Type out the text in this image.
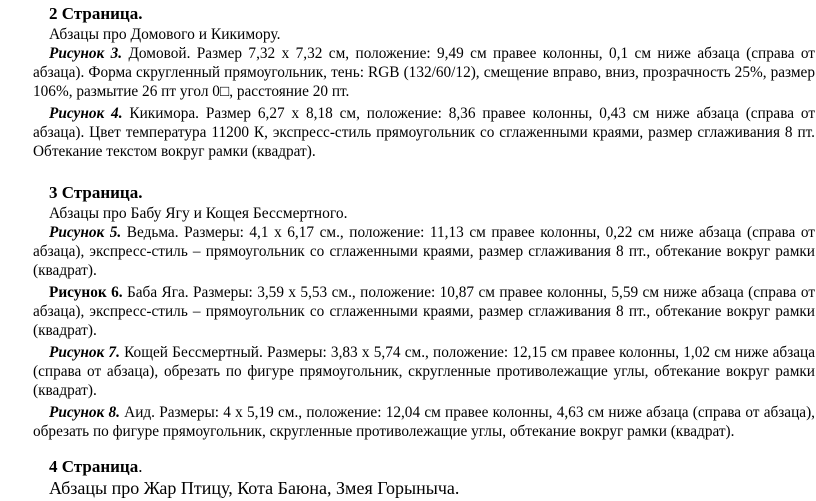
2 Страница.
Абзацы про Домового и Кикимору.
Рисунок 3. Домовой. Размер 7,32 х 7,32 см, положение: 9,49 см правее колонны, 0,1 см ниже абзаца (справа от абзаца). Форма скругленный прямоугольник, тень: RGB (132/60/12), смещение вправо, вниз, прозрачность 25%, размер 106%, размытие 26 пт угол 0□, расстояние 20 пт.
Рисунок 4. Кикимора. Размер 6,27 х 8,18 см, положение: 8,36 правее колонны, 0,43 см ниже абзаца (справа от абзаца). Цвет температура 11200 К, экспресс-стиль прямоугольник со сглаженными краями, размер сглаживания 8 пт. Обтекание текстом вокруг рамки (квадрат).
3 Страница.
Абзацы про Бабу Ягу и Кощея Бессмертного.
Рисунок 5. Ведьма. Размеры: 4,1 х 6,17 см., положение: 11,13 см правее колонны, 0,22 см ниже абзаца (справа от абзаца), экспресс-стиль – прямоугольник со сглаженными краями, размер сглаживания 8 пт., обтекание вокруг рамки (квадрат).
Рисунок 6. Баба Яга. Размеры: 3,59 х 5,53 см., положение: 10,87 см правее колонны, 5,59 см ниже абзаца (справа от абзаца), экспресс-стиль – прямоугольник со сглаженными краями, размер сглаживания 8 пт., обтекание вокруг рамки (квадрат).
Рисунок 7. Кощей Бессмертный. Размеры: 3,83 х 5,74 см., положение: 12,15 см правее колонны, 1,02 см ниже абзаца (справа от абзаца), обрезать по фигуре прямоугольник, скругленные противолежащие углы, обтекание вокруг рамки (квадрат).
Рисунок 8. Аид. Размеры: 4 х 5,19 см., положение: 12,04 см правее колонны, 4,63 см ниже абзаца (справа от абзаца), обрезать по фигуре прямоугольник, скругленные противолежащие углы, обтекание вокруг рамки (квадрат).
4 Страница.
Абзацы про Жар Птицу, Кота Баюна, Змея Горыныча.
